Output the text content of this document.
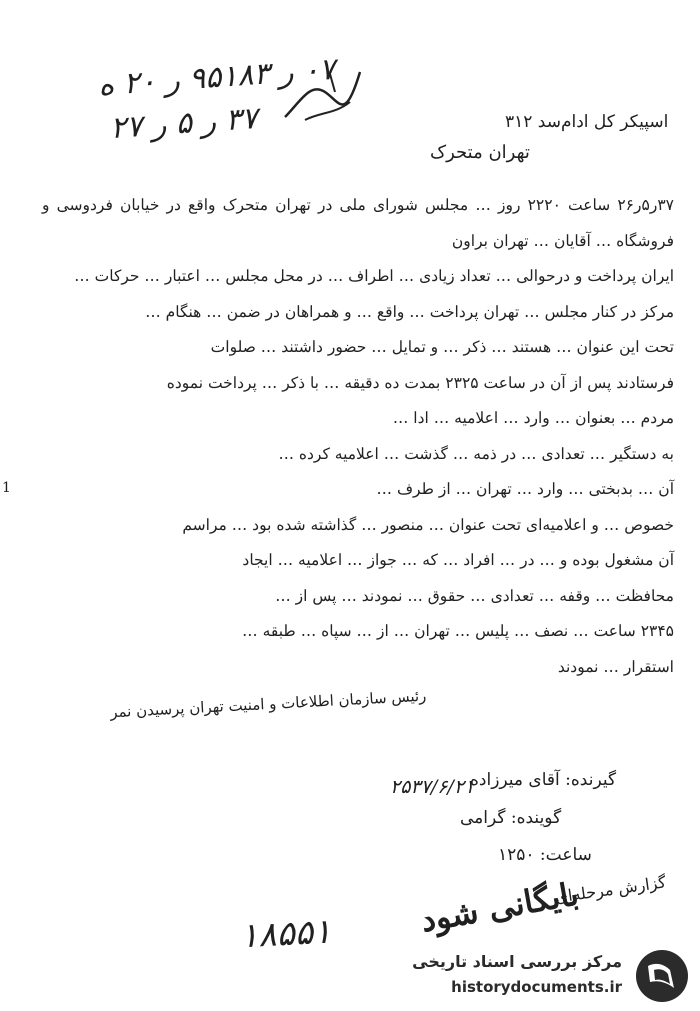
۰۷ ر ۹۵۱۸۳ ر ۲۰ ه
۳۷ ر ۵ ر ۲۷	اسپیکر کل ادام‌سد ۳۱۲
تهران متحرک

۳۷ر۵ر۲۶ ساعت ۲۲۲۰ روز … مجلس شورای ملی در تهران متحرک واقع در خیابان فردوسی و فروشگاه … آقایان … تهران براون

ایران پرداخت و درحوالی … تعداد زیادی … اطراف … در محل مجلس … اعتبار … حرکات …

مرکز در کنار مجلس … تهران پرداخت … واقع … و همراهان در ضمن … هنگام …

تحت این عنوان … هستند … ذکر … و تمایل … حضور داشتند … صلوات

فرستادند پس از آن در ساعت ۲۳۲۵ بمدت ده دقیقه … با ذکر … پرداخت نموده

مردم … بعنوان … وارد … اعلامیه … ادا …

به دستگیر … تعدادی … در ذمه … گذشت … اعلامیه کرده …

آن … بدبختی … وارد … تهران … از طرف …

خصوص … و اعلامیه‌ای تحت عنوان … منصور … گذاشته شده بود … مراسم

آن مشغول بوده و … در … افراد … که … جواز … اعلامیه … ایجاد

محافظت … وقفه … تعدادی … حقوق … نمودند … پس از …

۲۳۴۵ ساعت … نصف … پلیس … تهران … از … سپاه … طبقه …

استقرار … نمودند

رئیس سازمان اطلاعات و امنیت تهران پرسیدن نمر
گیرنده: آقای میرزاده
۲۵۳۷/۶/۲۱
گوینده: گرامی
ساعت: ۱۲۵۰
گزارش مرحله‌ای
بایگانی شود
۱۸۵۵۱
1
مرکز بررسی اسناد تاریخی
historydocuments.ir
